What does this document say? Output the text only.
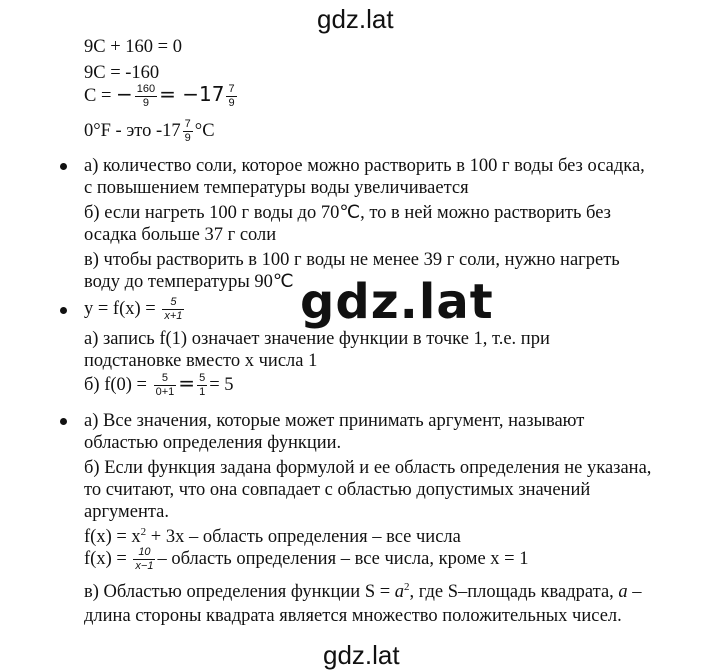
gdz.lat
gdz.lat
gdz.lat
9C + 160 = 0
9C = -160
C = − $\frac{160}{9} = -17 \frac{7}{9}$
0°F - это $-17 \frac{7}{9} ^\circ C$
а) количество соли, которое можно растворить в 100 г воды без осадка,
с повышением температуры воды увеличивается
б) если нагреть 100 г воды до 70℃, то в ней можно растворить без
осадка больше 37 г соли
в) чтобы растворить в 100 г воды не менее 39 г соли, нужно нагреть
воду до температуры 90℃
$y = f(x) = \frac{5}{x+1}$
а) запись f(1) означает значение функции в точке 1, т.е. при
подстановке вместо x числа 1
б) $f(0) = \frac{5}{0+1} = \frac{5}{1} = 5$
а) Все значения, которые может принимать аргумент, называют
областью определения функции.
б) Если функция задана формулой и ее область определения не указана,
то считают, что она совпадает с областью допустимых значений
аргумента.
$f(x) = x^2 + 3x$ – область определения – все числа
$f(x) = \frac{10}{x-1}$ – область определения – все числа, кроме x = 1
в) Областью определения функции $S = a^2$, где S–площадь квадрата, a –
длина стороны квадрата является множество положительных чисел.
